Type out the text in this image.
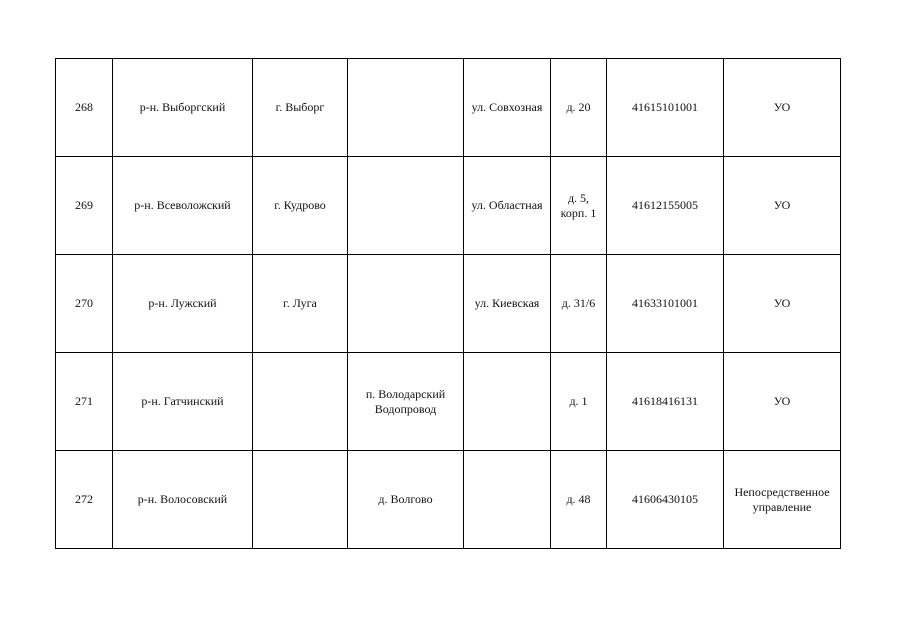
268	р-н. Выборгский	г. Выборг		ул. Совхозная	д. 20	41615101001	УО
269	р-н. Всеволожский	г. Кудрово		ул. Областная	д. 5,
корп. 1	41612155005	УО
270	р-н. Лужский	г. Луга		ул. Киевская	д. 31/6	41633101001	УО
271	р-н. Гатчинский		п. Володарский
Водопровод		д. 1	41618416131	УО
272	р-н. Волосовский		д. Волгово		д. 48	41606430105	Непосредственное
управление
